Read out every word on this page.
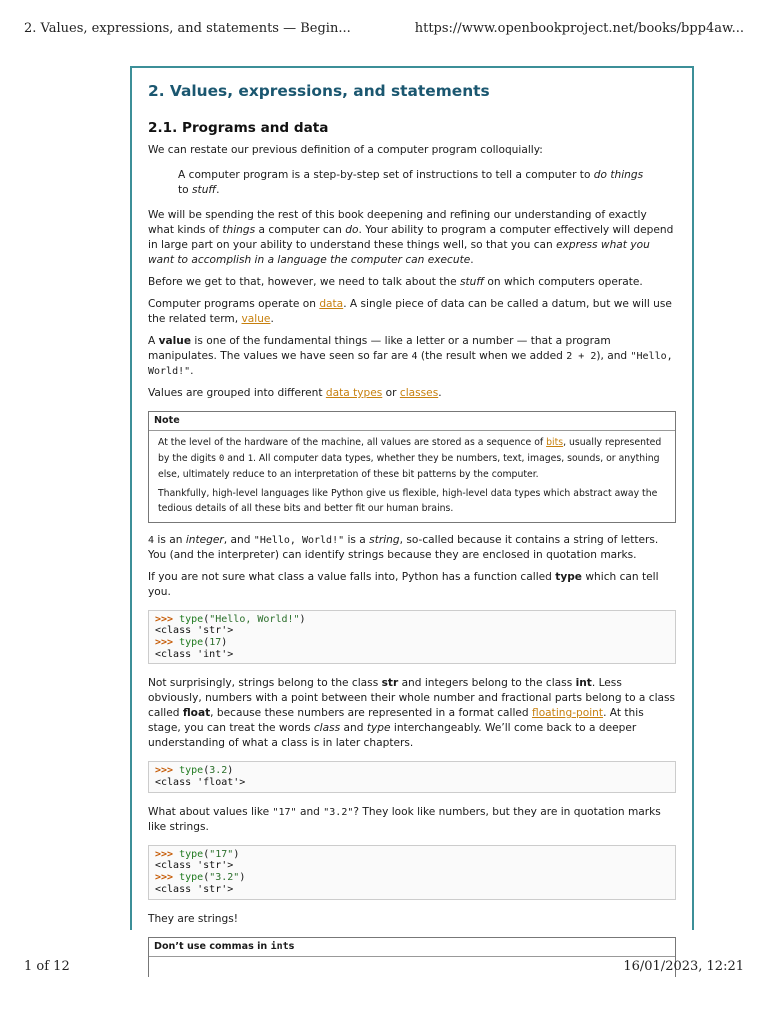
2. Values, expressions, and statements — Begin...	https://www.openbookproject.net/books/bpp4aw...
2. Values, expressions, and statements
2.1. Programs and data

We can restate our previous definition of a computer program colloquially:

A computer program is a step-by-step set of instructions to tell a computer to do things to stuff.

We will be spending the rest of this book deepening and refining our understanding of exactly what kinds of things a computer can do. Your ability to program a computer effectively will depend in large part on your ability to understand these things well, so that you can express what you want to accomplish in a language the computer can execute.

Before we get to that, however, we need to talk about the stuff on which computers operate.

Computer programs operate on data. A single piece of data can be called a datum, but we will use the related term, value.

A value is one of the fundamental things — like a letter or a number — that a program manipulates. The values we have seen so far are 4 (the result when we added 2 + 2), and "Hello, World!".

Values are grouped into different data types or classes.

Note

At the level of the hardware of the machine, all values are stored as a sequence of bits, usually represented by the digits 0 and 1. All computer data types, whether they be numbers, text, images, sounds, or anything else, ultimately reduce to an interpretation of these bit patterns by the computer.

Thankfully, high-level languages like Python give us flexible, high-level data types which abstract away the tedious details of all these bits and better fit our human brains.

4 is an integer, and "Hello, World!" is a string, so-called because it contains a string of letters. You (and the interpreter) can identify strings because they are enclosed in quotation marks.

If you are not sure what class a value falls into, Python has a function called type which can tell you.

>>> type("Hello, World!")
<class 'str'>
>>> type(17)
<class 'int'>

Not surprisingly, strings belong to the class str and integers belong to the class int. Less obviously, numbers with a point between their whole number and fractional parts belong to a class called float, because these numbers are represented in a format called floating-point. At this stage, you can treat the words class and type interchangeably. We’ll come back to a deeper understanding of what a class is in later chapters.

>>> type(3.2)
<class 'float'>

What about values like "17" and "3.2"? They look like numbers, but they are in quotation marks like strings.

>>> type("17")
<class 'str'>
>>> type("3.2")
<class 'str'>

They are strings!

Don’t use commas in ints
1 of 12	16/01/2023, 12:21
